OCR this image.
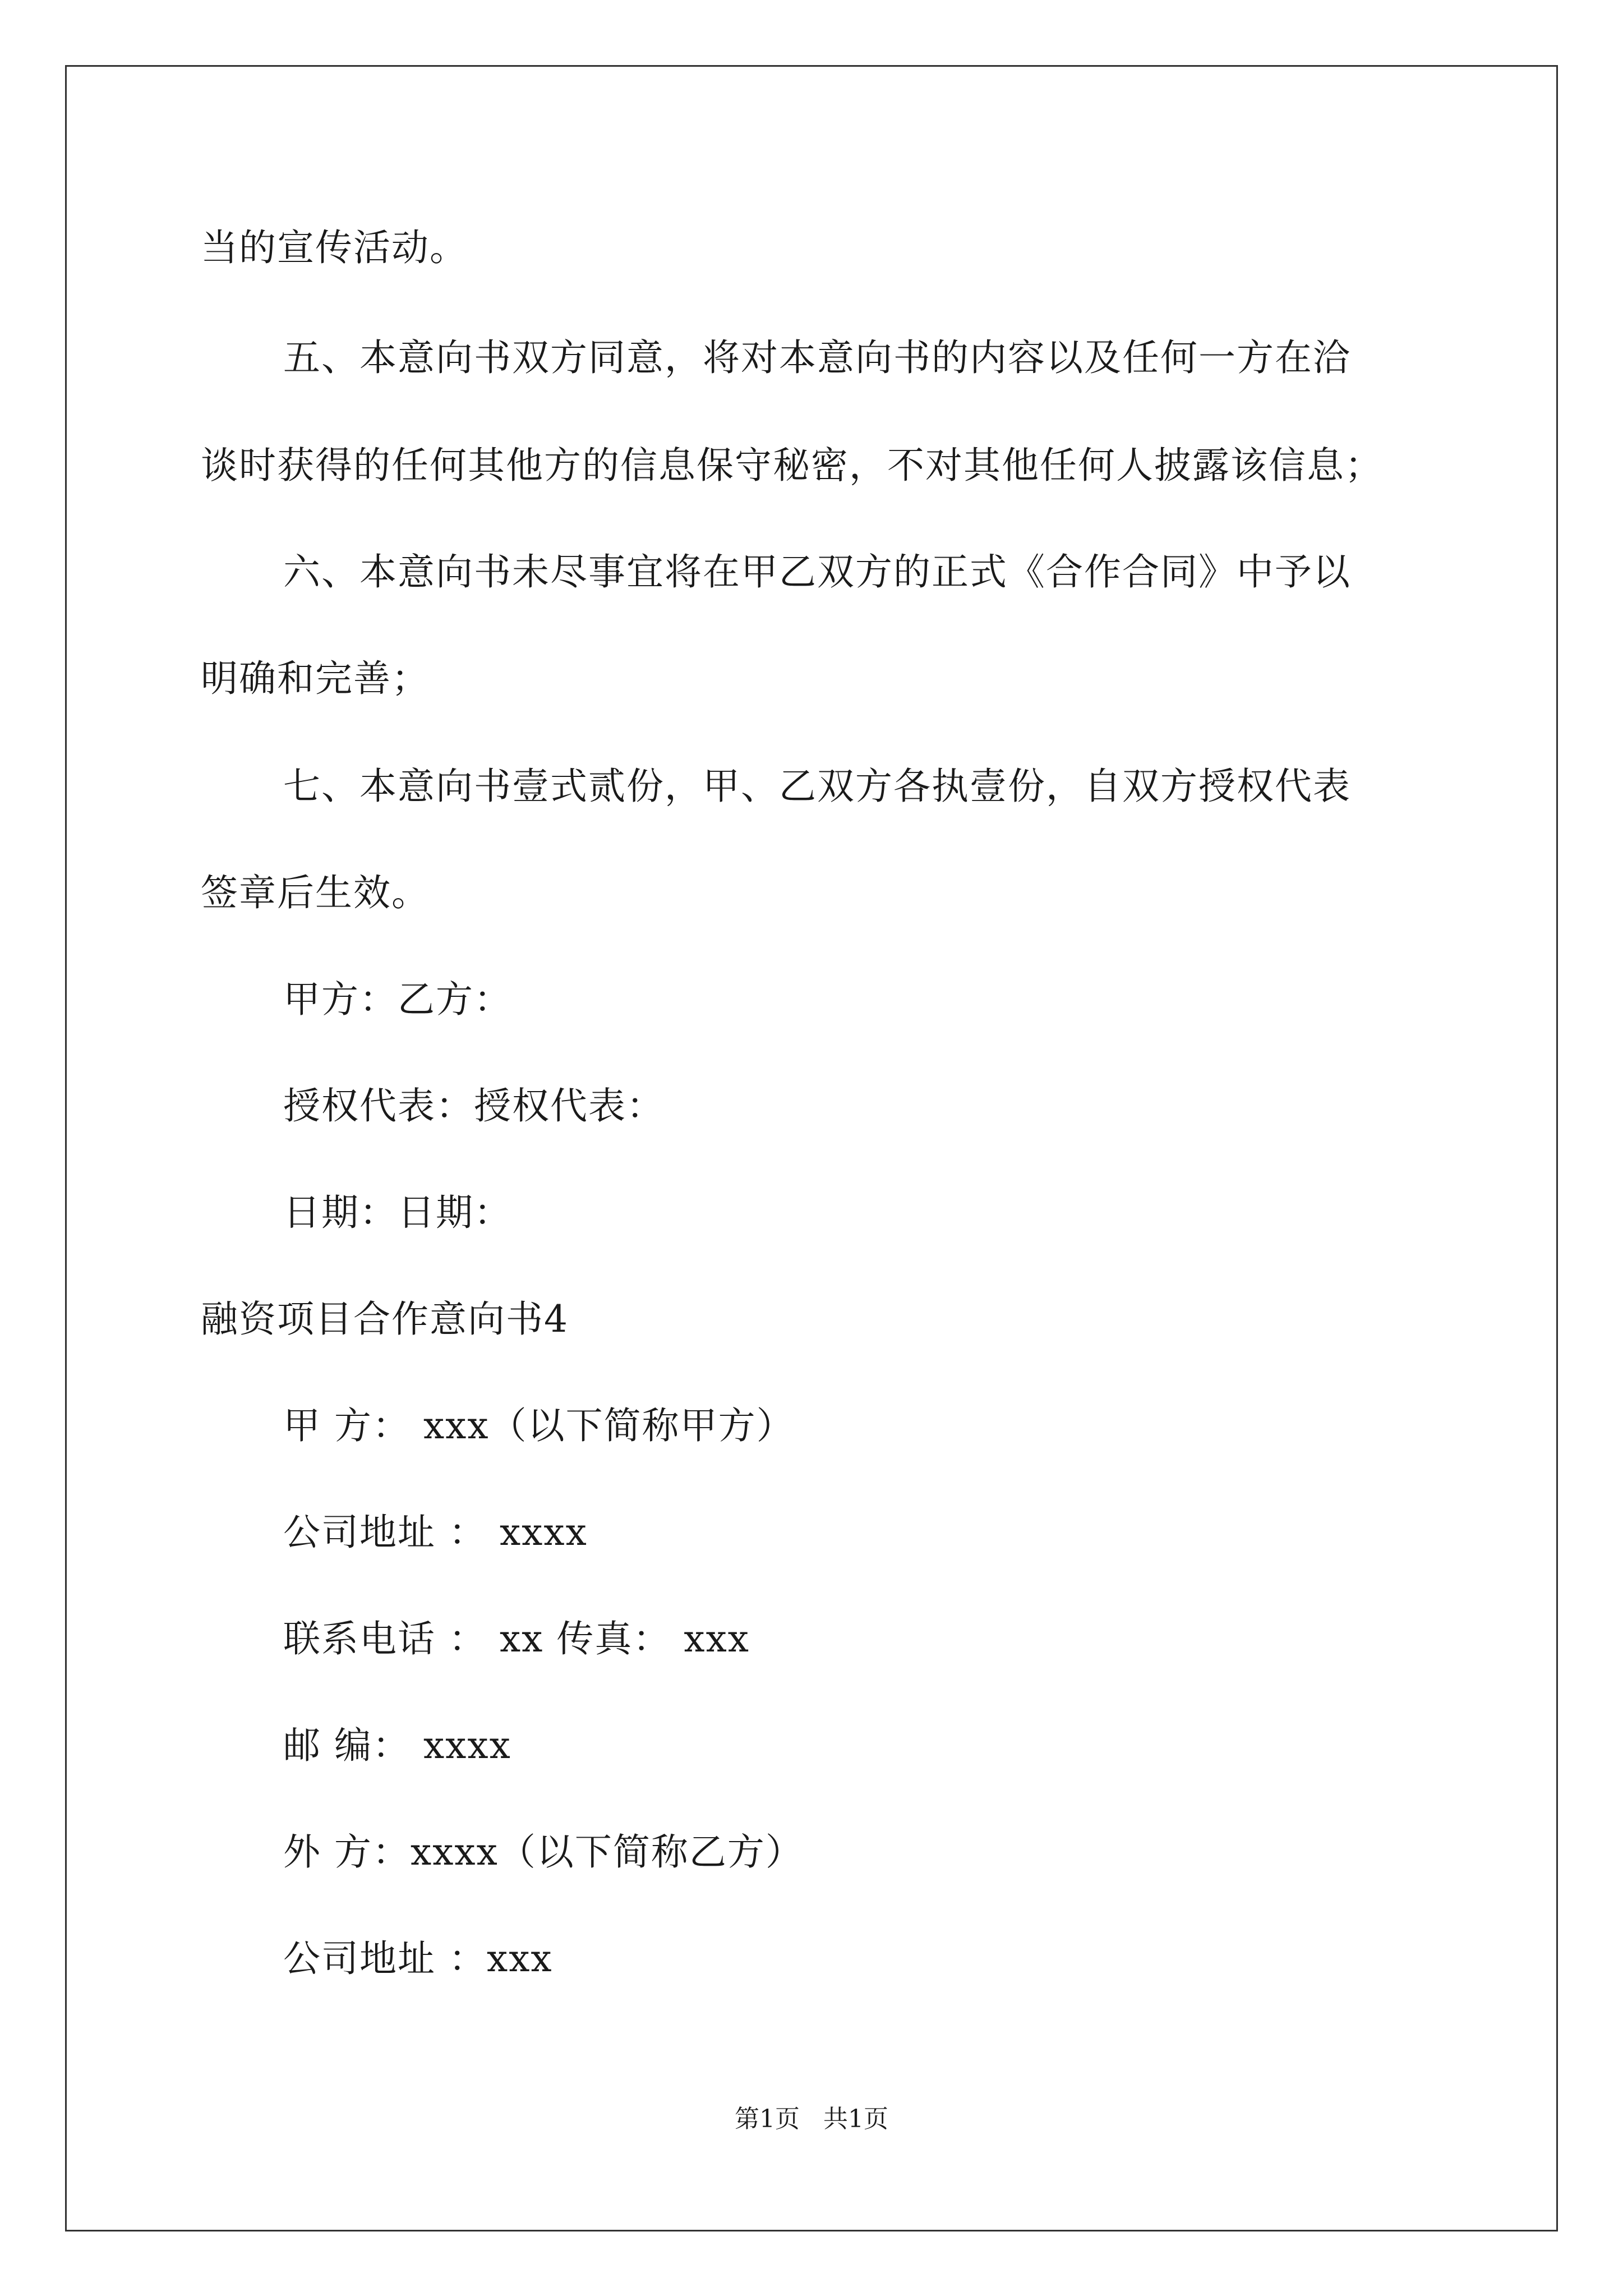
当的宣传活动。
五、本意向书双方同意，将对本意向书的内容以及任何一方在洽
谈时获得的任何其他方的信息保守秘密，不对其他任何人披露该信息；
六、本意向书未尽事宜将在甲乙双方的正式《合作合同》中予以
明确和完善；
七、本意向书壹式贰份，甲、乙双方各执壹份，自双方授权代表
签章后生效。
甲方：乙方：
授权代表：授权代表：
日期：日期：
融资项目合作意向书4
甲 方： xxx（以下简称甲方）
公司地址 ： xxxx
联系电话 ： xx 传真： xxx
邮 编： xxxx
外 方：xxxx（以下简称乙方）
公司地址 ：xxx
第1页   共1页
